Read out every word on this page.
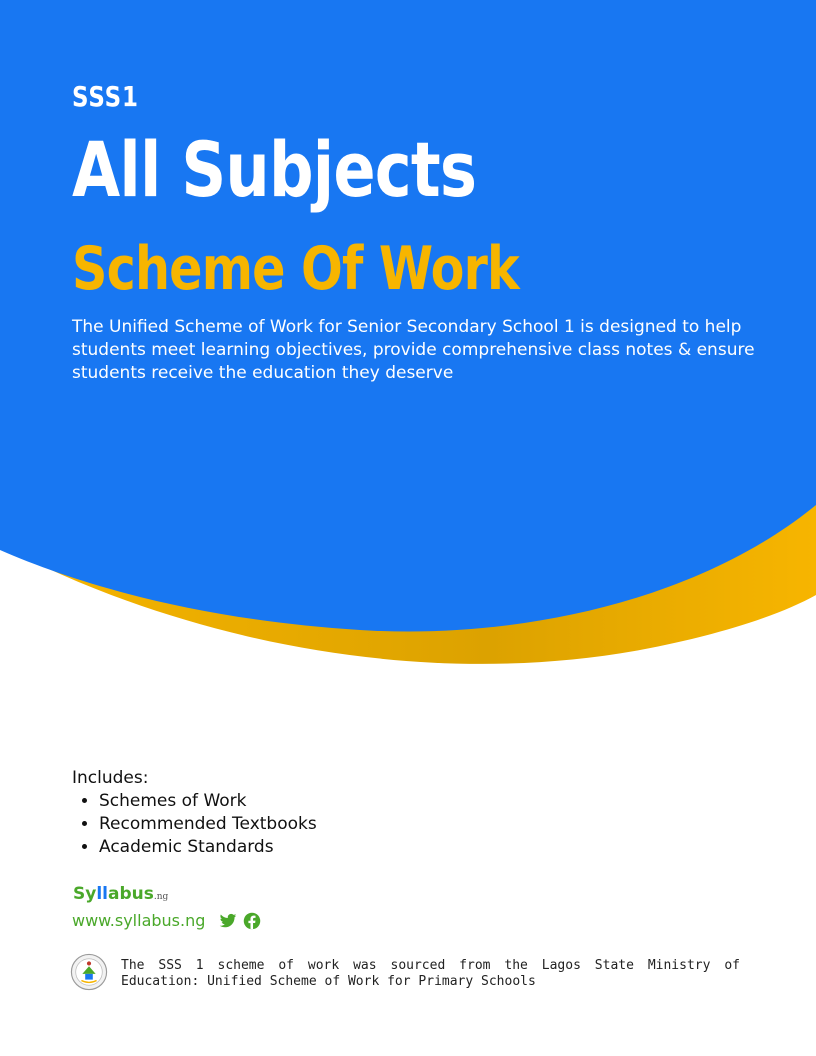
SSS1
All Subjects
Scheme Of Work
The Unified Scheme of Work for Senior Secondary School 1 is designed to help students meet learning objectives, provide comprehensive class notes & ensure students receive the education they deserve
Includes:
• Schemes of Work
• Recommended Textbooks
• Academic Standards
Syllabus.ng
www.syllabus.ng
The SSS 1 scheme of work was sourced from the Lagos State Ministry of Education: Unified Scheme of Work for Primary Schools
